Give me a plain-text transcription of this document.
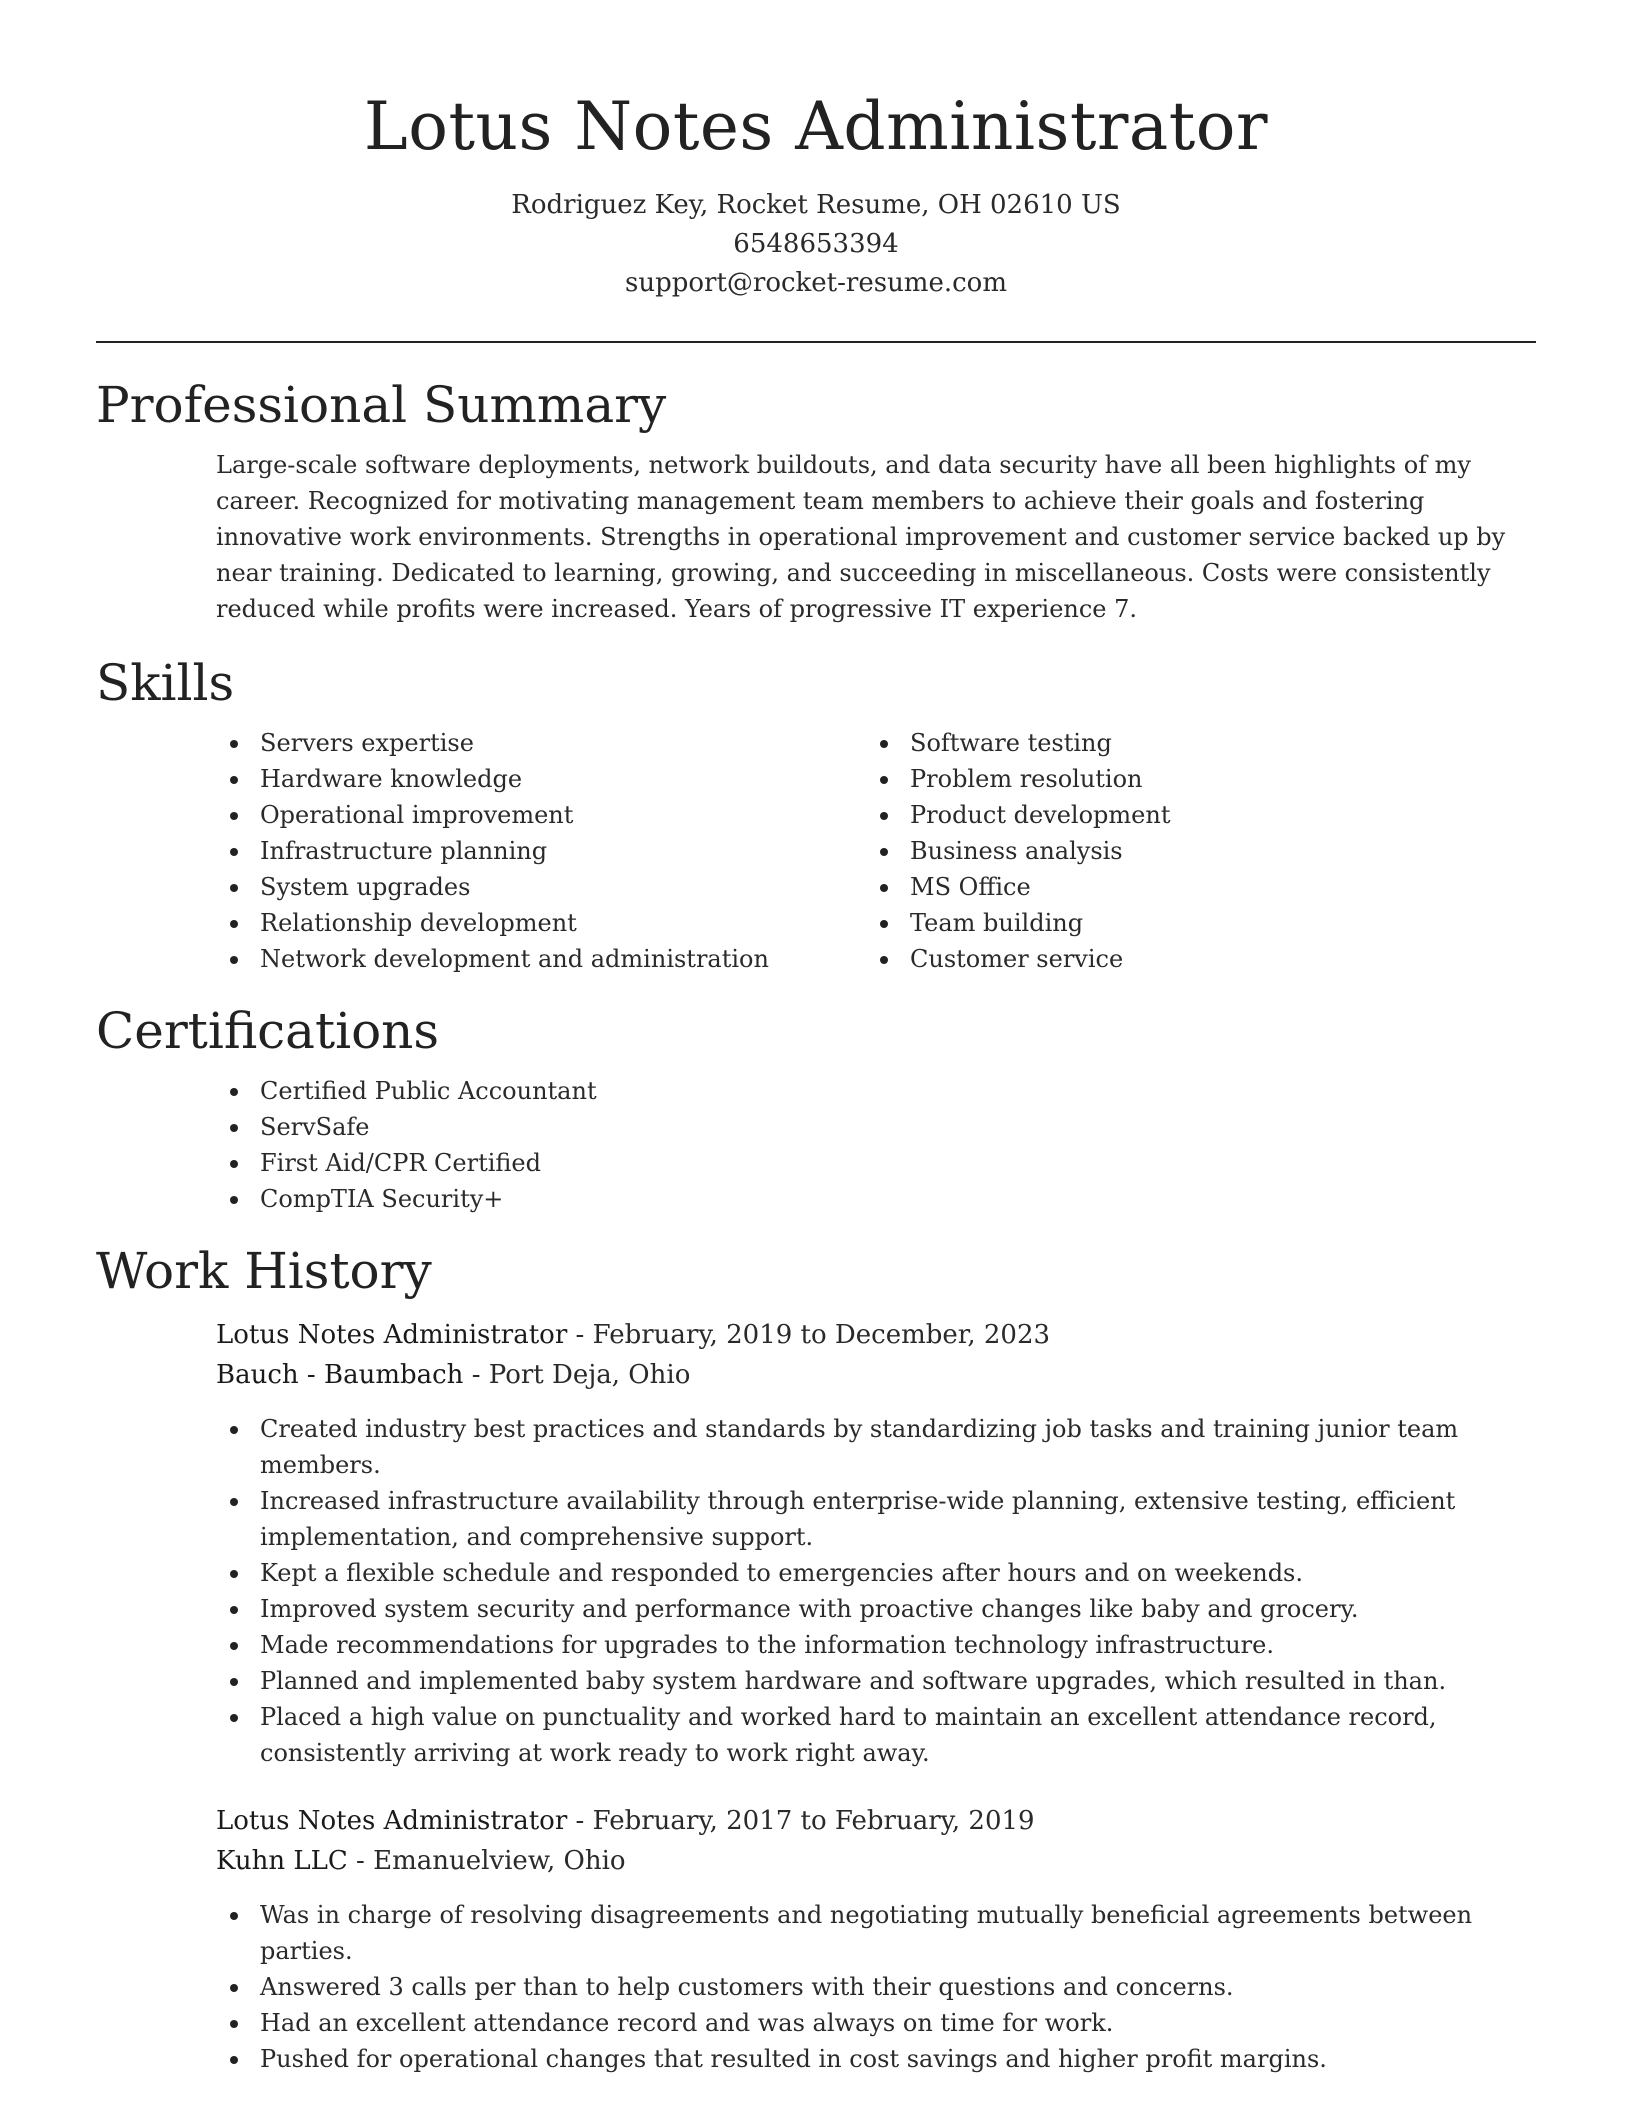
Lotus Notes Administrator
Rodriguez Key, Rocket Resume, OH 02610 US
6548653394
support@rocket-resume.com
Professional Summary

Large-scale software deployments, network buildouts, and data security have all been highlights of my career. Recognized for motivating management team members to achieve their goals and fostering innovative work environments. Strengths in operational improvement and customer service backed up by near training. Dedicated to learning, growing, and succeeding in miscellaneous. Costs were consistently reduced while profits were increased. Years of progressive IT experience 7.

Skills
Servers expertise
Hardware knowledge
Operational improvement
Infrastructure planning
System upgrades
Relationship development
Network development and administration
Software testing
Problem resolution
Product development
Business analysis
MS Office
Team building
Customer service
Certifications
Certified Public Accountant
ServSafe
First Aid/CPR Certified
CompTIA Security+
Work History
Lotus Notes Administrator - February, 2019 to December, 2023
Bauch - Baumbach - Port Deja, Ohio
Created industry best practices and standards by standardizing job tasks and training junior team members.
Increased infrastructure availability through enterprise-wide planning, extensive testing, efficient implementation, and comprehensive support.
Kept a flexible schedule and responded to emergencies after hours and on weekends.
Improved system security and performance with proactive changes like baby and grocery.
Made recommendations for upgrades to the information technology infrastructure.
Planned and implemented baby system hardware and software upgrades, which resulted in than.
Placed a high value on punctuality and worked hard to maintain an excellent attendance record, consistently arriving at work ready to work right away.
Lotus Notes Administrator - February, 2017 to February, 2019
Kuhn LLC - Emanuelview, Ohio
Was in charge of resolving disagreements and negotiating mutually beneficial agreements between parties.
Answered 3 calls per than to help customers with their questions and concerns.
Had an excellent attendance record and was always on time for work.
Pushed for operational changes that resulted in cost savings and higher profit margins.
